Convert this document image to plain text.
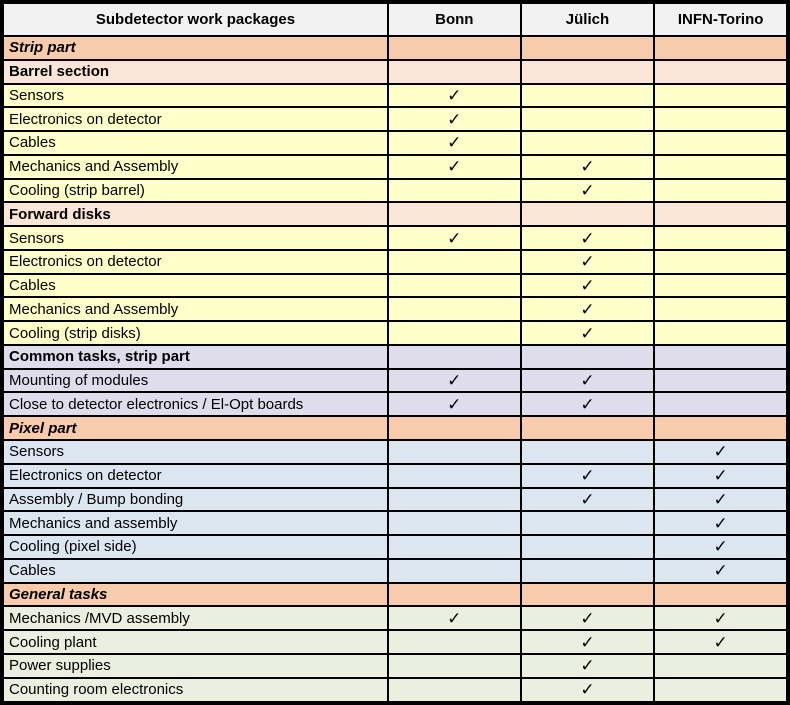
Subdetector work packages	Bonn	Jülich	INFN-Torino
Strip part			
Barrel section			
Sensors	✓		
Electronics on detector	✓		
Cables	✓		
Mechanics and Assembly	✓	✓	
Cooling (strip barrel)		✓	
Forward disks			
Sensors	✓	✓	
Electronics on detector		✓	
Cables		✓	
Mechanics and Assembly		✓	
Cooling (strip disks)		✓	
Common tasks, strip part			
Mounting of modules	✓	✓	
Close to detector electronics / El-Opt boards	✓	✓	
Pixel part			
Sensors			✓
Electronics on detector		✓	✓
Assembly / Bump bonding		✓	✓
Mechanics and assembly			✓
Cooling (pixel side)			✓
Cables			✓
General tasks			
Mechanics /MVD assembly	✓	✓	✓
Cooling plant		✓	✓
Power supplies		✓	
Counting room electronics		✓	
